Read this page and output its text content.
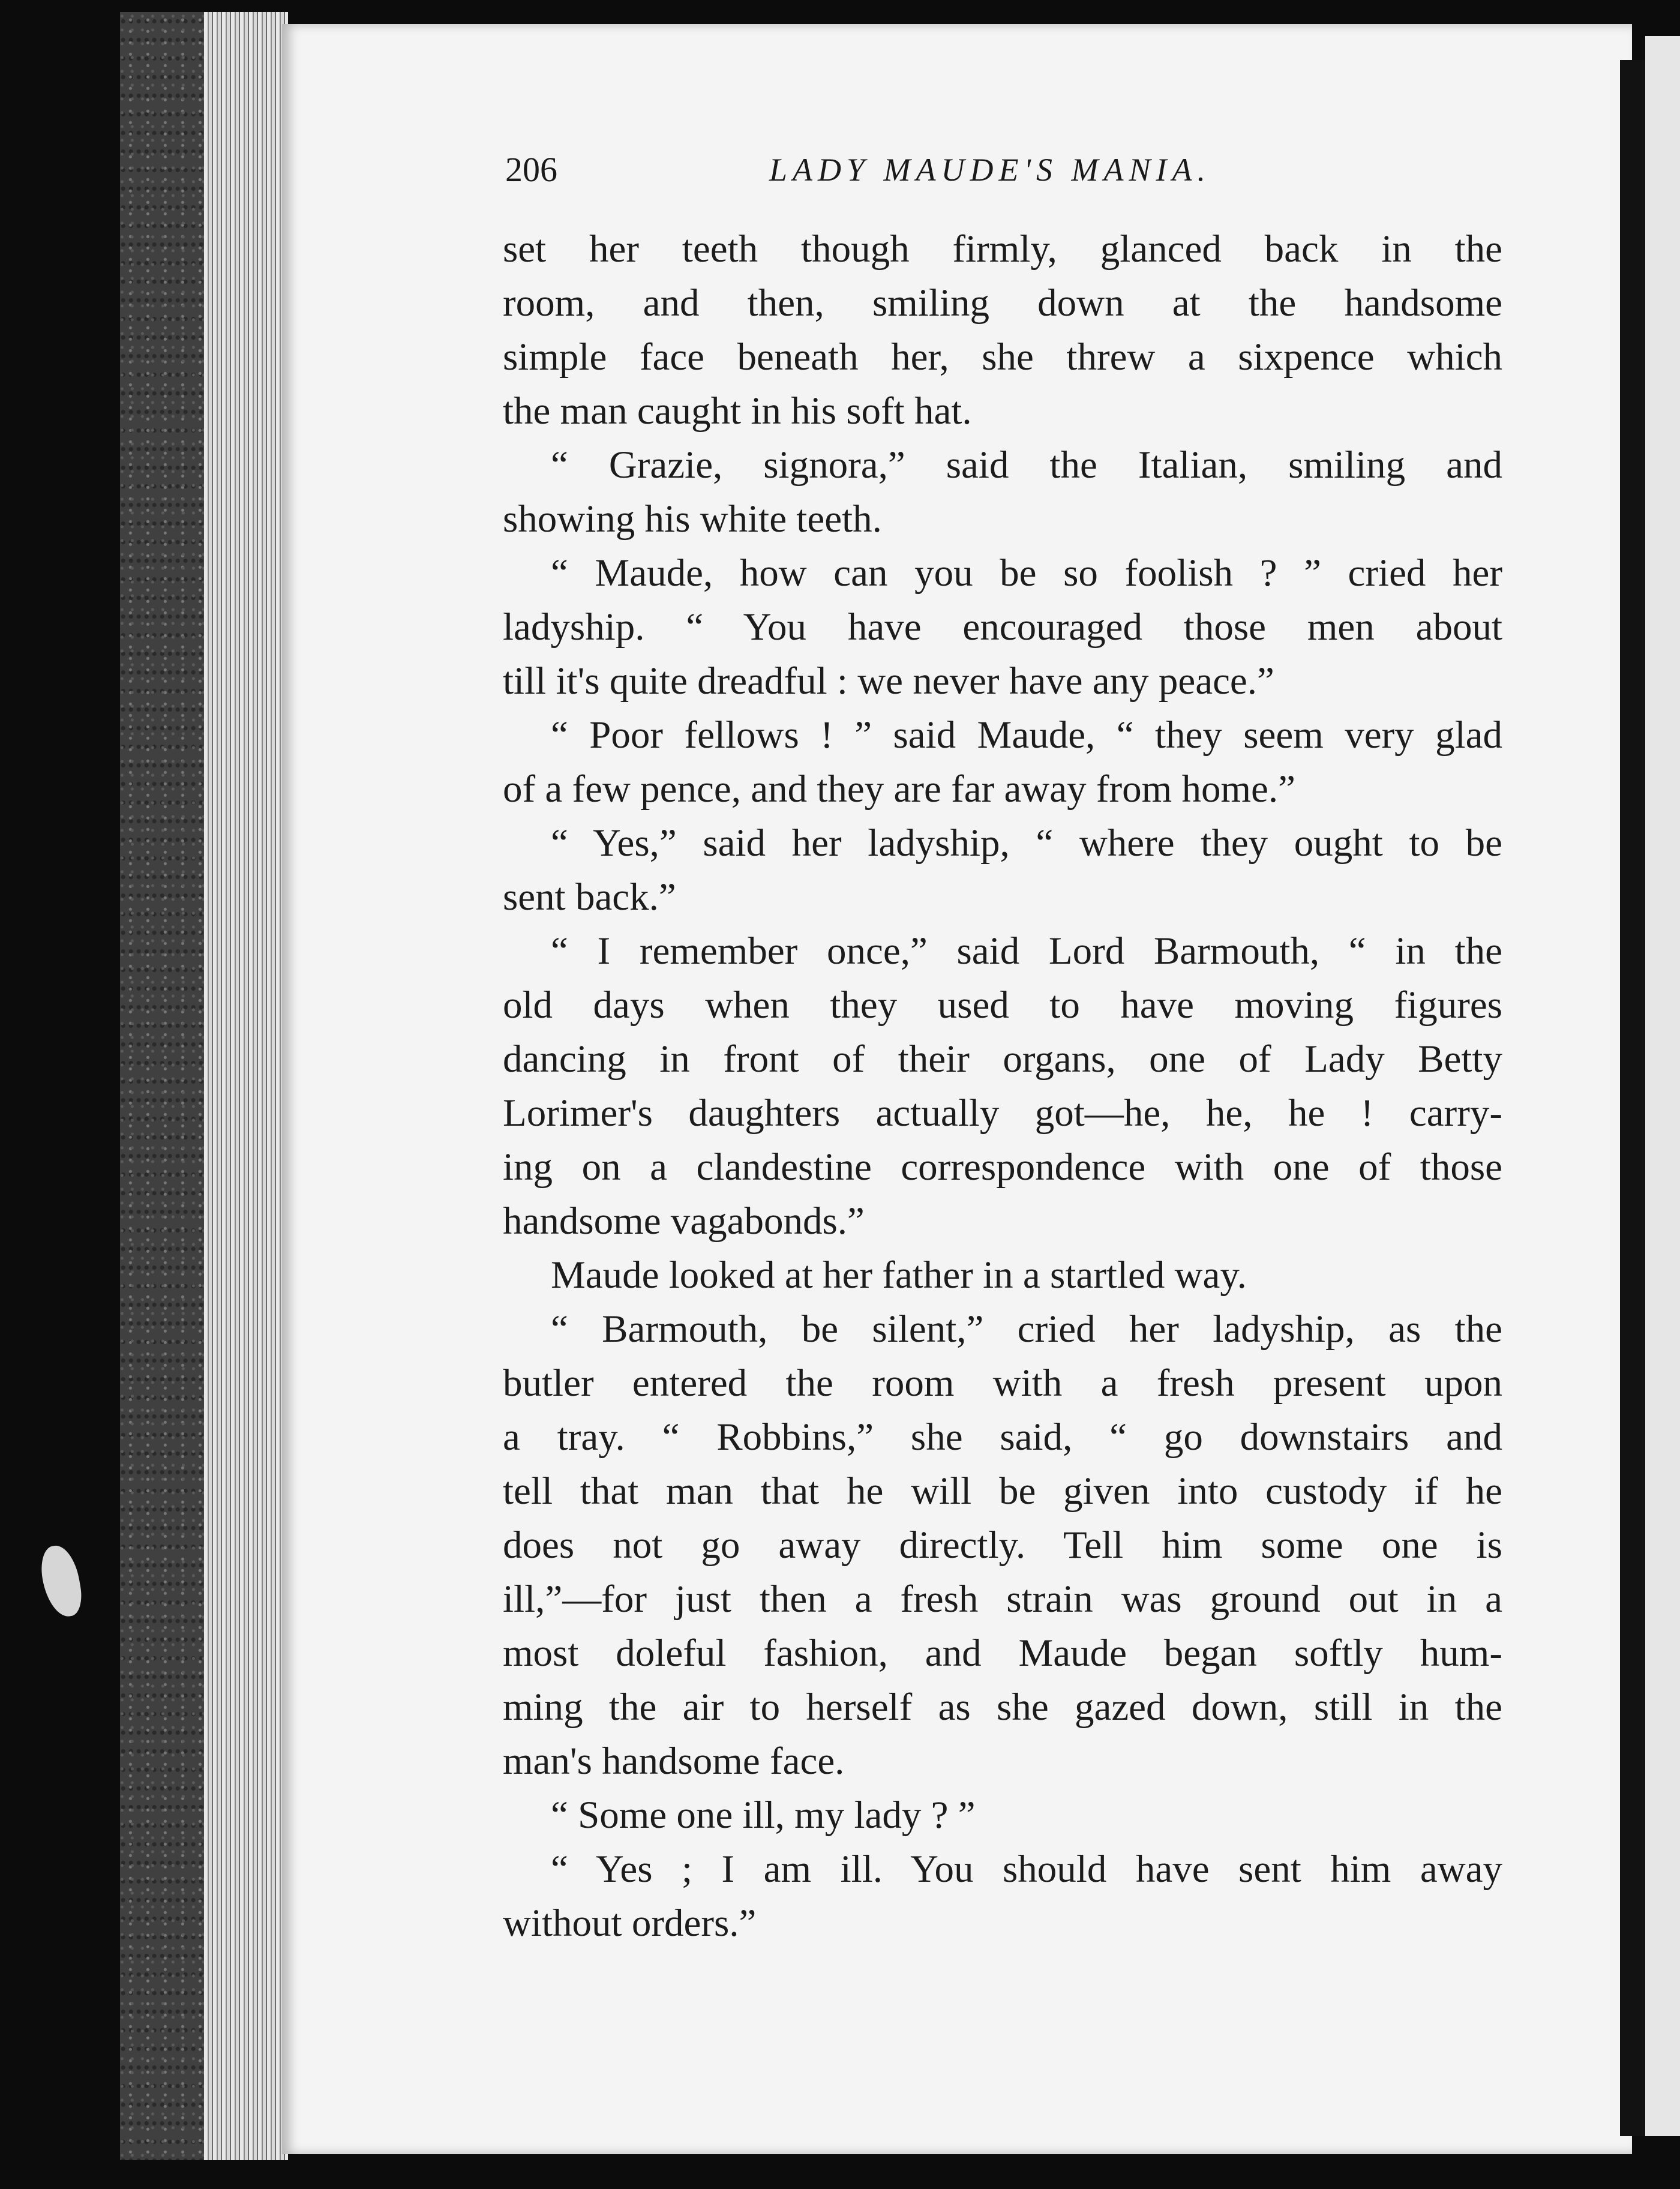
206	LADY MAUDE'S MANIA.
set her teeth though firmly, glanced back in the
room, and then, smiling down at the handsome
simple face beneath her, she threw a sixpence which
the man caught in his soft hat.
“ Grazie, signora,” said the Italian, smiling and
showing his white teeth.
“ Maude, how can you be so foolish ? ” cried her
ladyship. “ You have encouraged those men about
till it's quite dreadful : we never have any peace.”
“ Poor fellows ! ” said Maude, “ they seem very glad
of a few pence, and they are far away from home.”
“ Yes,” said her ladyship, “ where they ought to be
sent back.”
“ I remember once,” said Lord Barmouth, “ in the
old days when they used to have moving figures
dancing in front of their organs, one of Lady Betty
Lorimer's daughters actually got—he, he, he ! carry-
ing on a clandestine correspondence with one of those
handsome vagabonds.”
Maude looked at her father in a startled way.
“ Barmouth, be silent,” cried her ladyship, as the
butler entered the room with a fresh present upon
a tray. “ Robbins,” she said, “ go downstairs and
tell that man that he will be given into custody if he
does not go away directly. Tell him some one is
ill,”—for just then a fresh strain was ground out in a
most doleful fashion, and Maude began softly hum-
ming the air to herself as she gazed down, still in the
man's handsome face.
“ Some one ill, my lady ? ”
“ Yes ; I am ill. You should have sent him away
without orders.”
